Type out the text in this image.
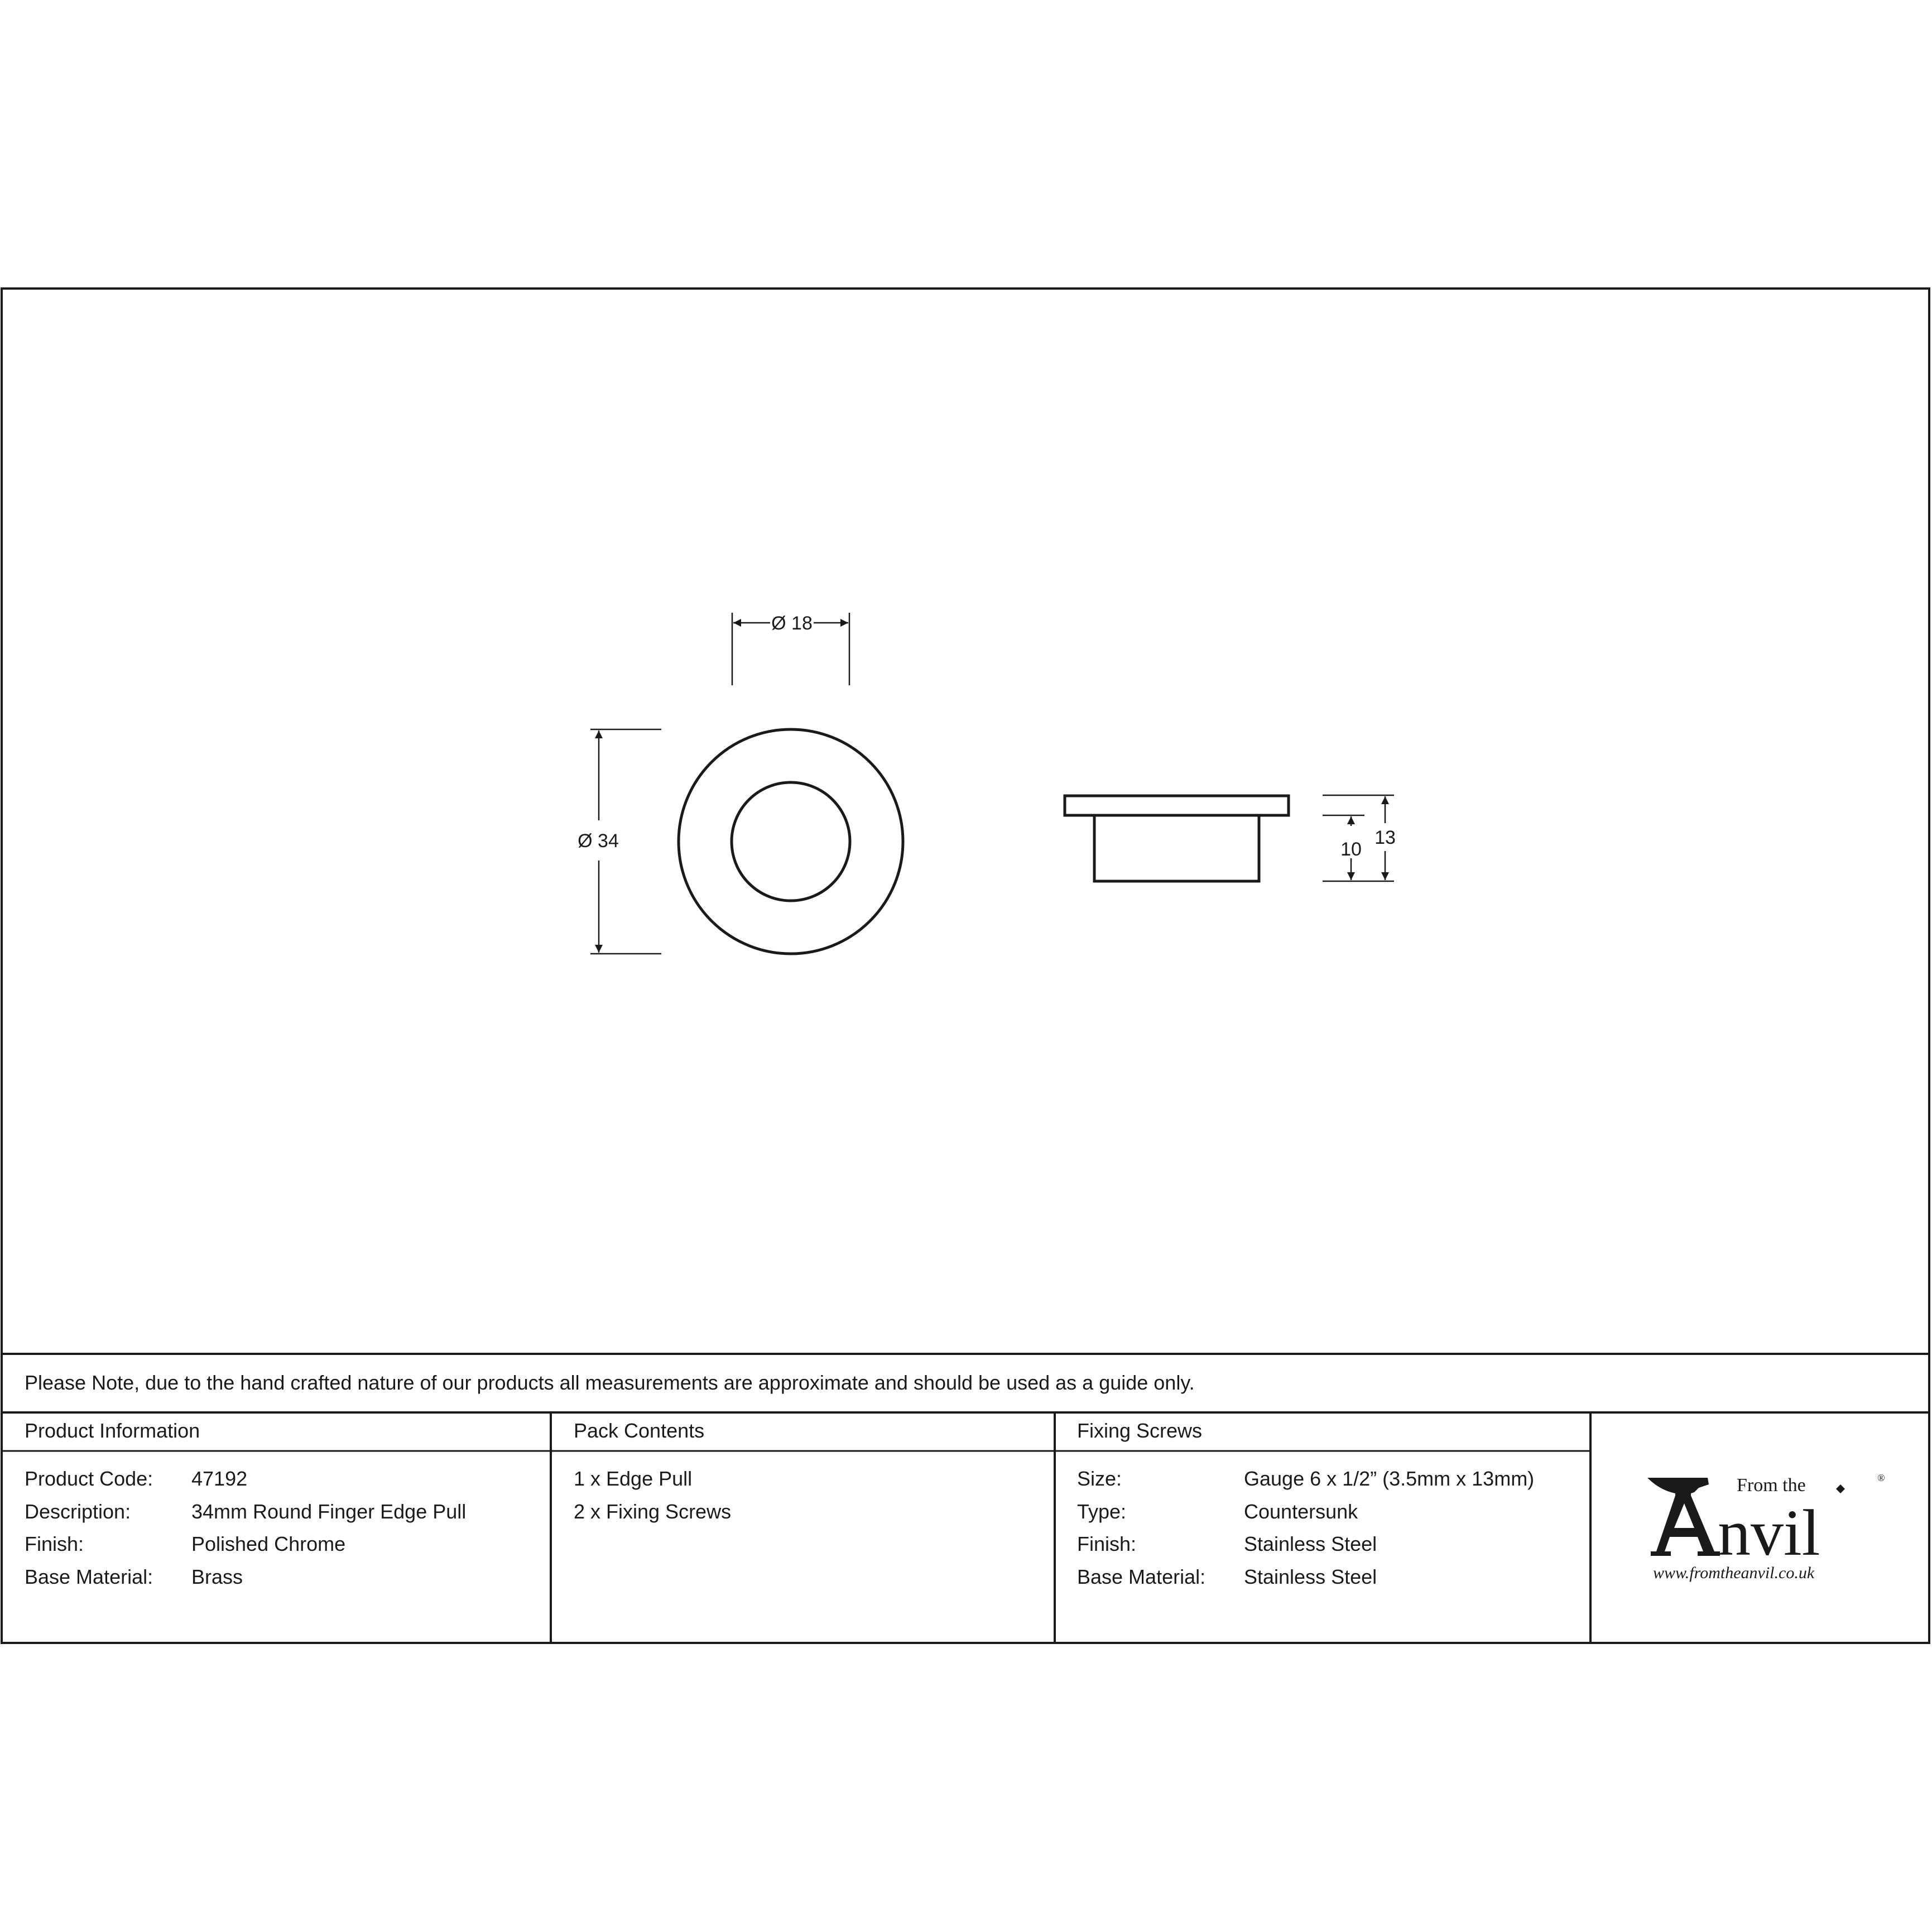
Ø 18
Ø 34	10
13
Please Note, due to the hand crafted nature of our products all measurements are approximate and should be used as a guide only.
Product Information
Product Code: 47192
Description:	34mm Round Finger Edge Pull
Finish:	Polished Chrome
Base Material: Brass
Pack Contents
1 x Edge Pull
2 x Fixing Screws
Fixing Screws
Size:	Gauge 6 x 1/2” (3.5mm x 13mm)
Type:	Countersunk
Finish:	Stainless Steel
Base Material: Stainless Steel
From the	®
nvil
www.fromtheanvil.co.uk
